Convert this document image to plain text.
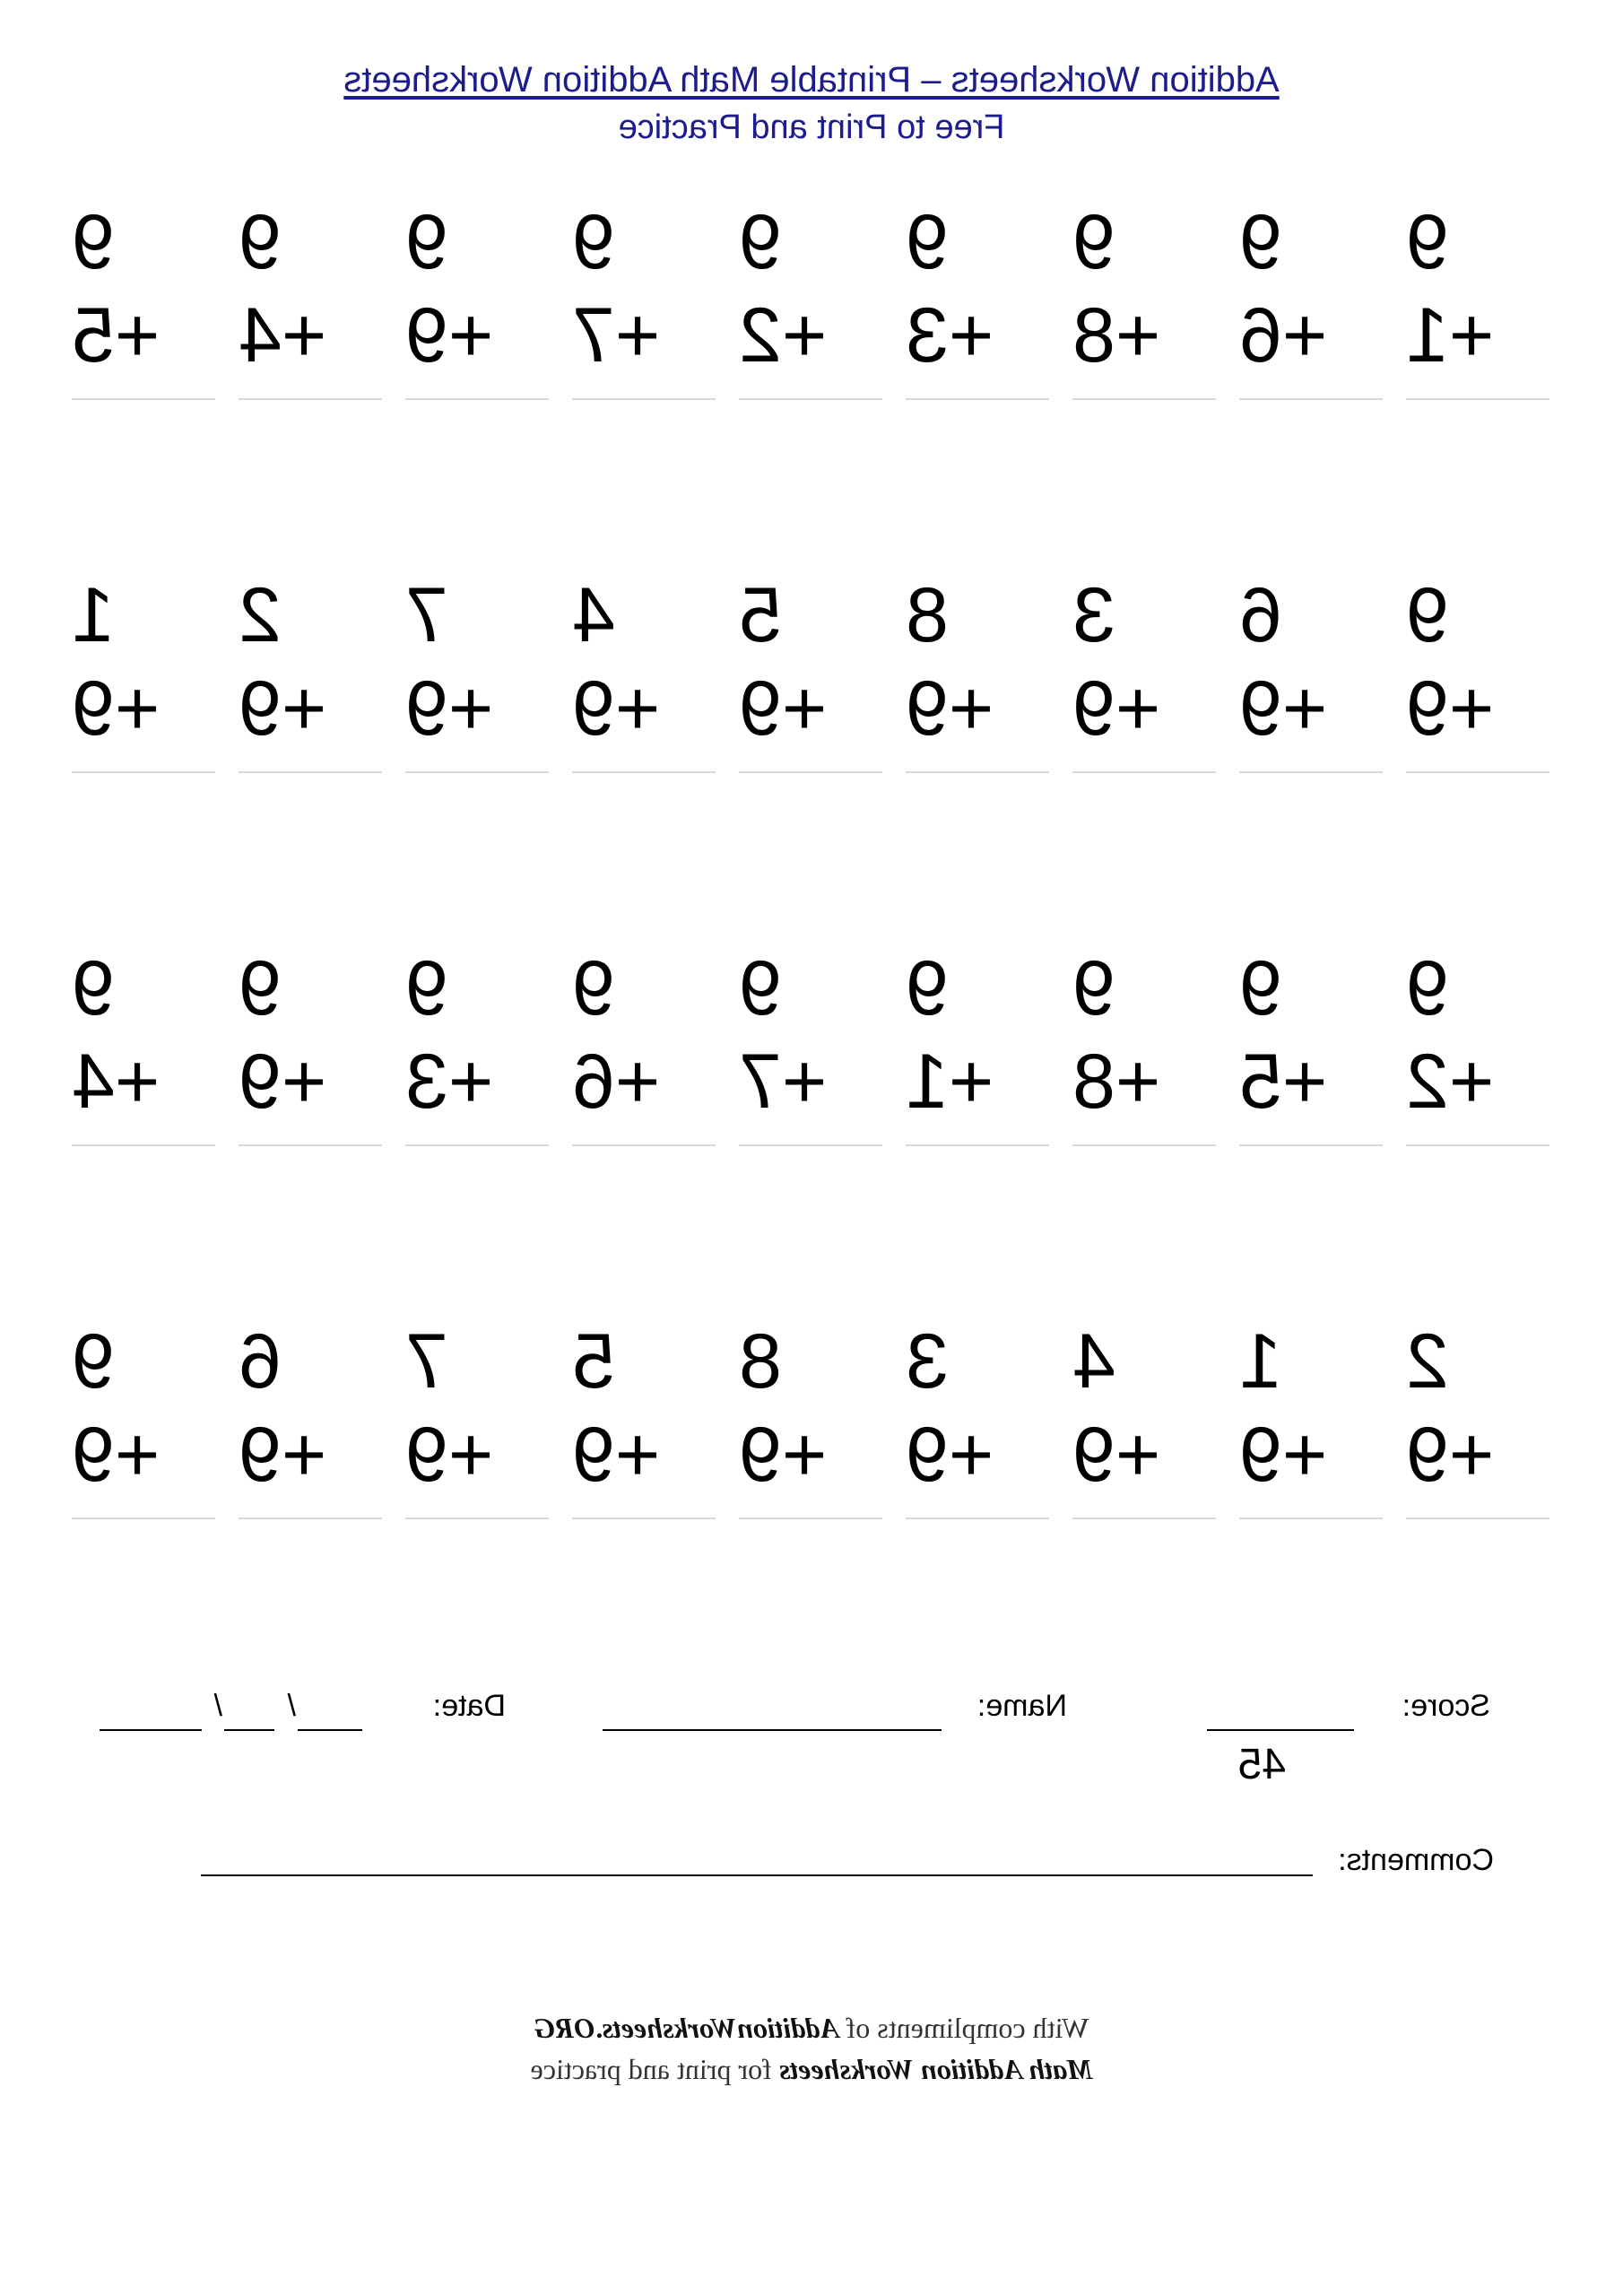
Addition Worksheets – Printable Math Addition Worksheets
Free to Print and Practice
9
+1
9
+6
9
+8
9
+3
9
+2
9
+7
9
+9
9
+4
9
+5
9
+9
6
+9
3
+9
8
+9
5
+9
4
+9
7
+9
2
+9
1
+9
9
+2
9
+5
9
+8
9
+1
9
+7
9
+6
9
+3
9
+9
9
+4
2
+9
1
+9
4
+9
3
+9
8
+9
5
+9
7
+9
6
+9
9
+9
Score:
45
Name:
Date:
/
/
Comments:
With compliments of AdditionWorksheets.ORG
Math Addition Worksheets for print and practice
